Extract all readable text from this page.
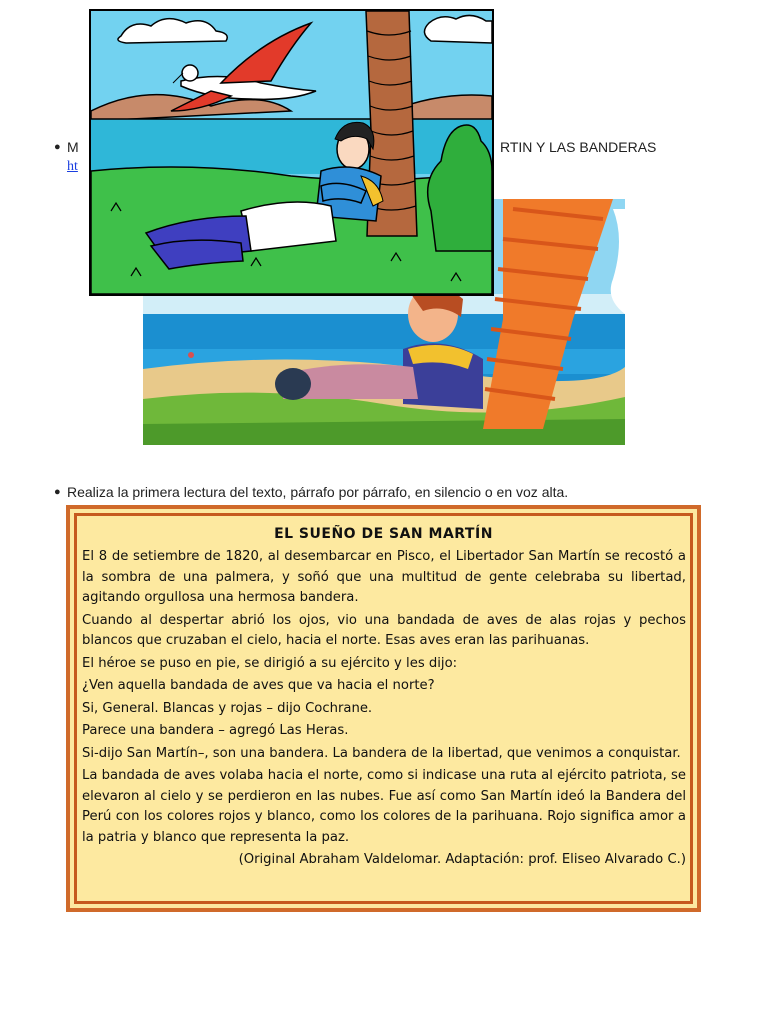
● M	RTIN Y LAS BANDERAS
ht
● Realiza la primera lectura del texto, párrafo por párrafo, en silencio o en voz alta.
EL SUEÑO DE SAN MARTÍN

El 8 de setiembre de 1820, al desembarcar en Pisco, el Libertador San Martín se recostó a la sombra de una palmera, y soñó que una multitud de gente celebraba su libertad, agitando orgullosa una hermosa bandera.

Cuando al despertar abrió los ojos, vio una bandada de aves de alas rojas y pechos blancos que cruzaban el cielo, hacia el norte. Esas aves eran las parihuanas.

El héroe se puso en pie, se dirigió a su ejército y les dijo:

¿Ven aquella bandada de aves que va hacia el norte?

Si, General. Blancas y rojas – dijo Cochrane.

Parece una bandera – agregó Las Heras.

Si-dijo San Martín–, son una bandera. La bandera de la libertad, que venimos a conquistar.

La bandada de aves volaba hacia el norte, como si indicase una ruta al ejército patriota, se elevaron al cielo y se perdieron en las nubes. Fue así como San Martín ideó la Bandera del Perú con los colores rojos y blanco, como los colores de la parihuana. Rojo significa amor a la patria y blanco que representa la paz.

(Original Abraham Valdelomar. Adaptación: prof. Eliseo Alvarado C.)
